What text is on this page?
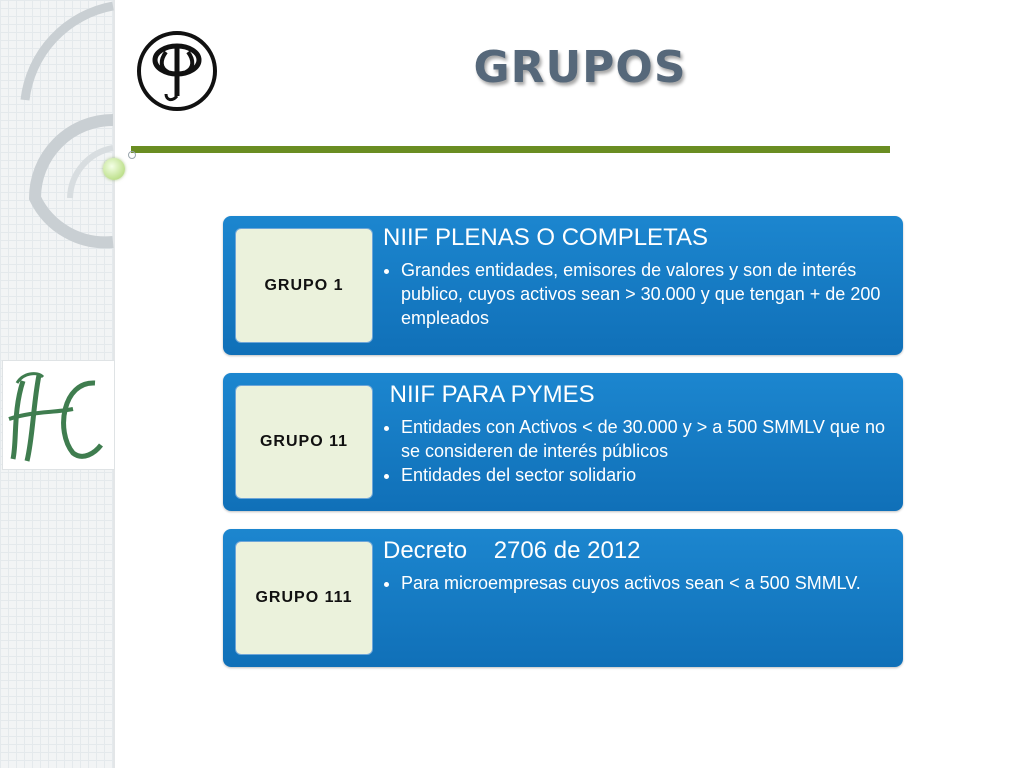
GRUPOS
GRUPO 1
NIIF PLENAS O COMPLETAS
• Grandes entidades, emisores de valores y son de interés publico, cuyos activos sean > 30.000 y que tengan + de 200 empleados
GRUPO 11
NIIF PARA PYMES
• Entidades con Activos < de 30.000 y > a 500 SMMLV que no se consideren de interés públicos
• Entidades del sector solidario
GRUPO 111
Decreto    2706 de 2012
• Para microempresas cuyos activos sean < a 500 SMMLV.
